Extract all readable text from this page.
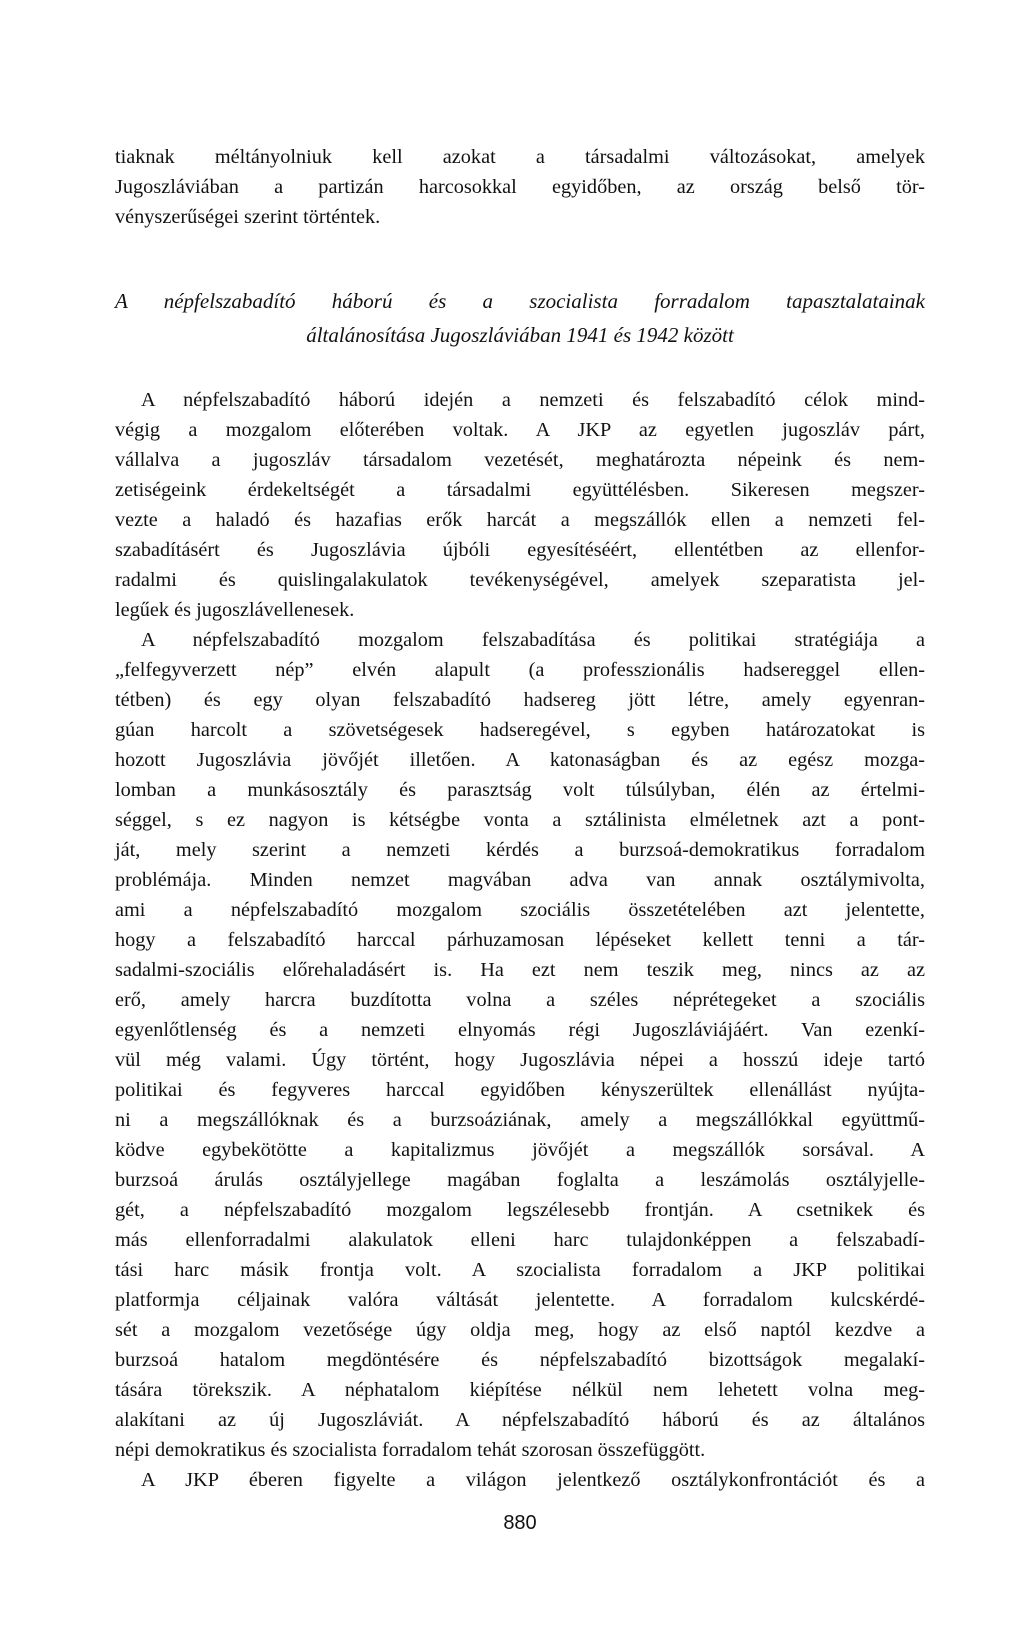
tiaknak méltányolniuk kell azokat a társadalmi változásokat, amelyek
Jugoszláviában a partizán harcosokkal egyidőben, az ország belső tör-
vényszerűségei szerint történtek.
A népfelszabadító háború és a szocialista forradalom tapasztalatainak
általánosítása Jugoszláviában 1941 és 1942 között
A népfelszabadító háború idején a nemzeti és felszabadító célok mind-
végig a mozgalom előterében voltak. A JKP az egyetlen jugoszláv párt,
vállalva a jugoszláv társadalom vezetését, meghatározta népeink és nem-
zetiségeink érdekeltségét a társadalmi együttélésben. Sikeresen megszer-
vezte a haladó és hazafias erők harcát a megszállók ellen a nemzeti fel-
szabadításért és Jugoszlávia újbóli egyesítéséért, ellentétben az ellenfor-
radalmi és quislingalakulatok tevékenységével, amelyek szeparatista jel-
legűek és jugoszlávellenesek.
A népfelszabadító mozgalom felszabadítása és politikai stratégiája a
„felfegyverzett nép” elvén alapult (a professzionális hadsereggel ellen-
tétben) és egy olyan felszabadító hadsereg jött létre, amely egyenran-
gúan harcolt a szövetségesek hadseregével, s egyben határozatokat is
hozott Jugoszlávia jövőjét illetően. A katonaságban és az egész mozga-
lomban a munkásosztály és parasztság volt túlsúlyban, élén az értelmi-
séggel, s ez nagyon is kétségbe vonta a sztálinista elméletnek azt a pont-
ját, mely szerint a nemzeti kérdés a burzsoá-demokratikus forradalom
problémája. Minden nemzet magvában adva van annak osztálymivolta,
ami a népfelszabadító mozgalom szociális összetételében azt jelentette,
hogy a felszabadító harccal párhuzamosan lépéseket kellett tenni a tár-
sadalmi-szociális előrehaladásért is. Ha ezt nem teszik meg, nincs az az
erő, amely harcra buzdította volna a széles néprétegeket a szociális
egyenlőtlenség és a nemzeti elnyomás régi Jugoszláviájáért. Van ezenkí-
vül még valami. Úgy történt, hogy Jugoszlávia népei a hosszú ideje tartó
politikai és fegyveres harccal egyidőben kényszerültek ellenállást nyújta-
ni a megszállóknak és a burzsoáziának, amely a megszállókkal együttmű-
ködve egybekötötte a kapitalizmus jövőjét a megszállók sorsával. A
burzsoá árulás osztályjellege magában foglalta a leszámolás osztályjelle-
gét, a népfelszabadító mozgalom legszélesebb frontján. A csetnikek és
más ellenforradalmi alakulatok elleni harc tulajdonképpen a felszabadí-
tási harc másik frontja volt. A szocialista forradalom a JKP politikai
platformja céljainak valóra váltását jelentette. A forradalom kulcskérdé-
sét a mozgalom vezetősége úgy oldja meg, hogy az első naptól kezdve a
burzsoá hatalom megdöntésére és népfelszabadító bizottságok megalakí-
tására törekszik. A néphatalom kiépítése nélkül nem lehetett volna meg-
alakítani az új Jugoszláviát. A népfelszabadító háború és az általános
népi demokratikus és szocialista forradalom tehát szorosan összefüggött.
A JKP éberen figyelte a világon jelentkező osztálykonfrontációt és a
880
